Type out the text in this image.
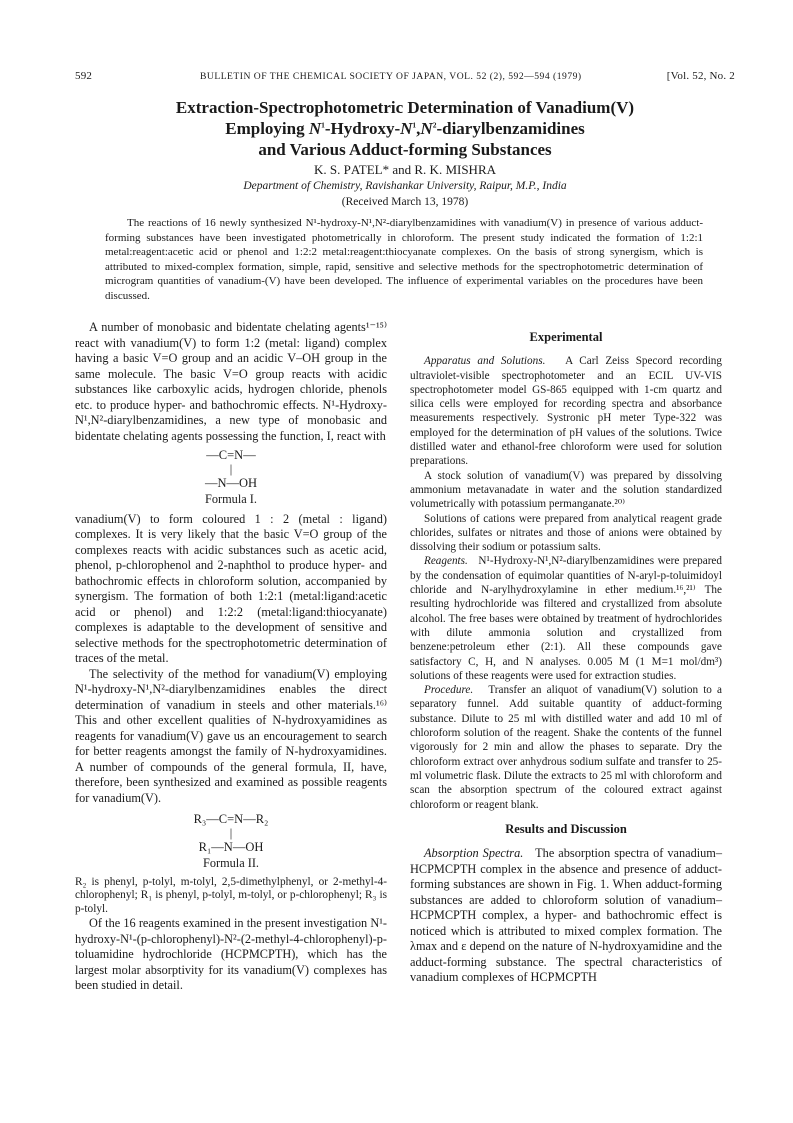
592	BULLETIN OF THE CHEMICAL SOCIETY OF JAPAN, VOL. 52 (2), 592—594 (1979)	[Vol. 52, No. 2
Extraction-Spectrophotometric Determination of Vanadium(V)
Employing $N^1-Hydroxy-N^1,N^2$-diarylbenzamidines
and Various Adduct-forming Substances
K. S. PATEL* and R. K. MISHRA
Department of Chemistry, Ravishankar University, Raipur, M.P., India
(Received March 13, 1978)

The reactions of 16 newly synthesized N¹-hydroxy-N¹,N²-diarylbenzamidines with vanadium(V) in presence of various adduct-forming substances have been investigated photometrically in chloroform. The present study indicated the formation of 1:2:1 metal:reagent:acetic acid or phenol and 1:2:2 metal:reagent:thiocyanate complexes. On the basis of strong synergism, which is attributed to mixed-complex formation, simple, rapid, sensitive and selective methods for the spectrophotometric determination of microgram quantities of vanadium-(V) have been developed. The influence of experimental variables on the procedures have been discussed.

A number of monobasic and bidentate chelating agents¹⁻¹⁵⁾ react with vanadium(V) to form 1:2 (metal: ligand) complex having a basic V=O group and an acidic V–OH group in the same molecule. The basic V=O group reacts with acidic substances like carboxylic acids, hydrogen chloride, phenols etc. to produce hyper- and bathochromic effects. N¹-Hydroxy-N¹,N²-diarylbenzamidines, a new type of monobasic and bidentate chelating agents possessing the function, I, react with

—C=N—
|
—N—OH
Formula I.

vanadium(V) to form coloured 1 : 2 (metal : ligand) complexes. It is very likely that the basic V=O group of the complexes reacts with acidic substances such as acetic acid, phenol, p-chlorophenol and 2-naphthol to produce hyper- and bathochromic effects in chloroform solution, accompanied by synergism. The formation of both 1:2:1 (metal:ligand:acetic acid or phenol) and 1:2:2 (metal:ligand:thiocyanate) complexes is adaptable to the development of sensitive and selective methods for the spectrophotometric determination of traces of the metal.

The selectivity of the method for vanadium(V) employing N¹-hydroxy-N¹,N²-diarylbenzamidines enables the direct determination of vanadium in steels and other materials.¹⁶⁾ This and other excellent qualities of N-hydroxyamidines as reagents for vanadium(V) gave us an encouragement to search for better reagents amongst the family of N-hydroxyamidines. A number of compounds of the general formula, II, have, therefore, been synthesized and examined as possible reagents for vanadium(V).

R₃—C=N—R₂
|
R₁—N—OH
Formula II.

R₂ is phenyl, p-tolyl, m-tolyl, 2,5-dimethylphenyl, or 2-methyl-4-chlorophenyl; R₁ is phenyl, p-tolyl, m-tolyl, or p-chlorophenyl; R₃ is p-tolyl.

Of the 16 reagents examined in the present investigation N¹-hydroxy-N¹-(p-chlorophenyl)-N²-(2-methyl-4-chlorophenyl)-p-toluamidine hydrochloride (HCPMCPTH), which has the largest molar absorptivity for its vanadium(V) complexes has been studied in detail.

Experimental

Apparatus and Solutions. A Carl Zeiss Specord recording ultraviolet-visible spectrophotometer and an ECIL UV-VIS spectrophotometer model GS-865 equipped with 1-cm quartz and silica cells were employed for recording spectra and absorbance measurements respectively. Systronic pH meter Type-322 was employed for the determination of pH values of the solutions. Twice distilled water and ethanol-free chloroform were used for solution preparations.

A stock solution of vanadium(V) was prepared by dissolving ammonium metavanadate in water and the solution standardized volumetrically with potassium permanganate.²⁰⁾

Solutions of cations were prepared from analytical reagent grade chlorides, sulfates or nitrates and those of anions were obtained by dissolving their sodium or potassium salts.

Reagents. N¹-Hydroxy-N¹,N²-diarylbenzamidines were prepared by the condensation of equimolar quantities of N-aryl-p-toluimidoyl chloride and N-arylhydroxylamine in ether medium.¹⁶,²¹⁾ The resulting hydrochloride was filtered and crystallized from absolute alcohol. The free bases were obtained by treatment of hydrochlorides with dilute ammonia solution and crystallized from benzene:petroleum ether (2:1). All these compounds gave satisfactory C, H, and N analyses. 0.005 M (1 M=1 mol/dm³) solutions of these reagents were used for extraction studies.

Procedure. Transfer an aliquot of vanadium(V) solution to a separatory funnel. Add suitable quantity of adduct-forming substance. Dilute to 25 ml with distilled water and add 10 ml of chloroform solution of the reagent. Shake the contents of the funnel vigorously for 2 min and allow the phases to separate. Dry the chloroform extract over anhydrous sodium sulfate and transfer to 25-ml volumetric flask. Dilute the extracts to 25 ml with chloroform and scan the absorption spectrum of the coloured extract against chloroform or reagent blank.

Results and Discussion

Absorption Spectra. The absorption spectra of vanadium–HCPMCPTH complex in the absence and presence of adduct-forming substances are shown in Fig. 1. When adduct-forming substances are added to chloroform solution of vanadium–HCPMCPTH complex, a hyper- and bathochromic effect is noticed which is attributed to mixed complex formation. The λmax and ε depend on the nature of N-hydroxyamidine and the adduct-forming substance. The spectral characteristics of vanadium complexes of HCPMCPTH
